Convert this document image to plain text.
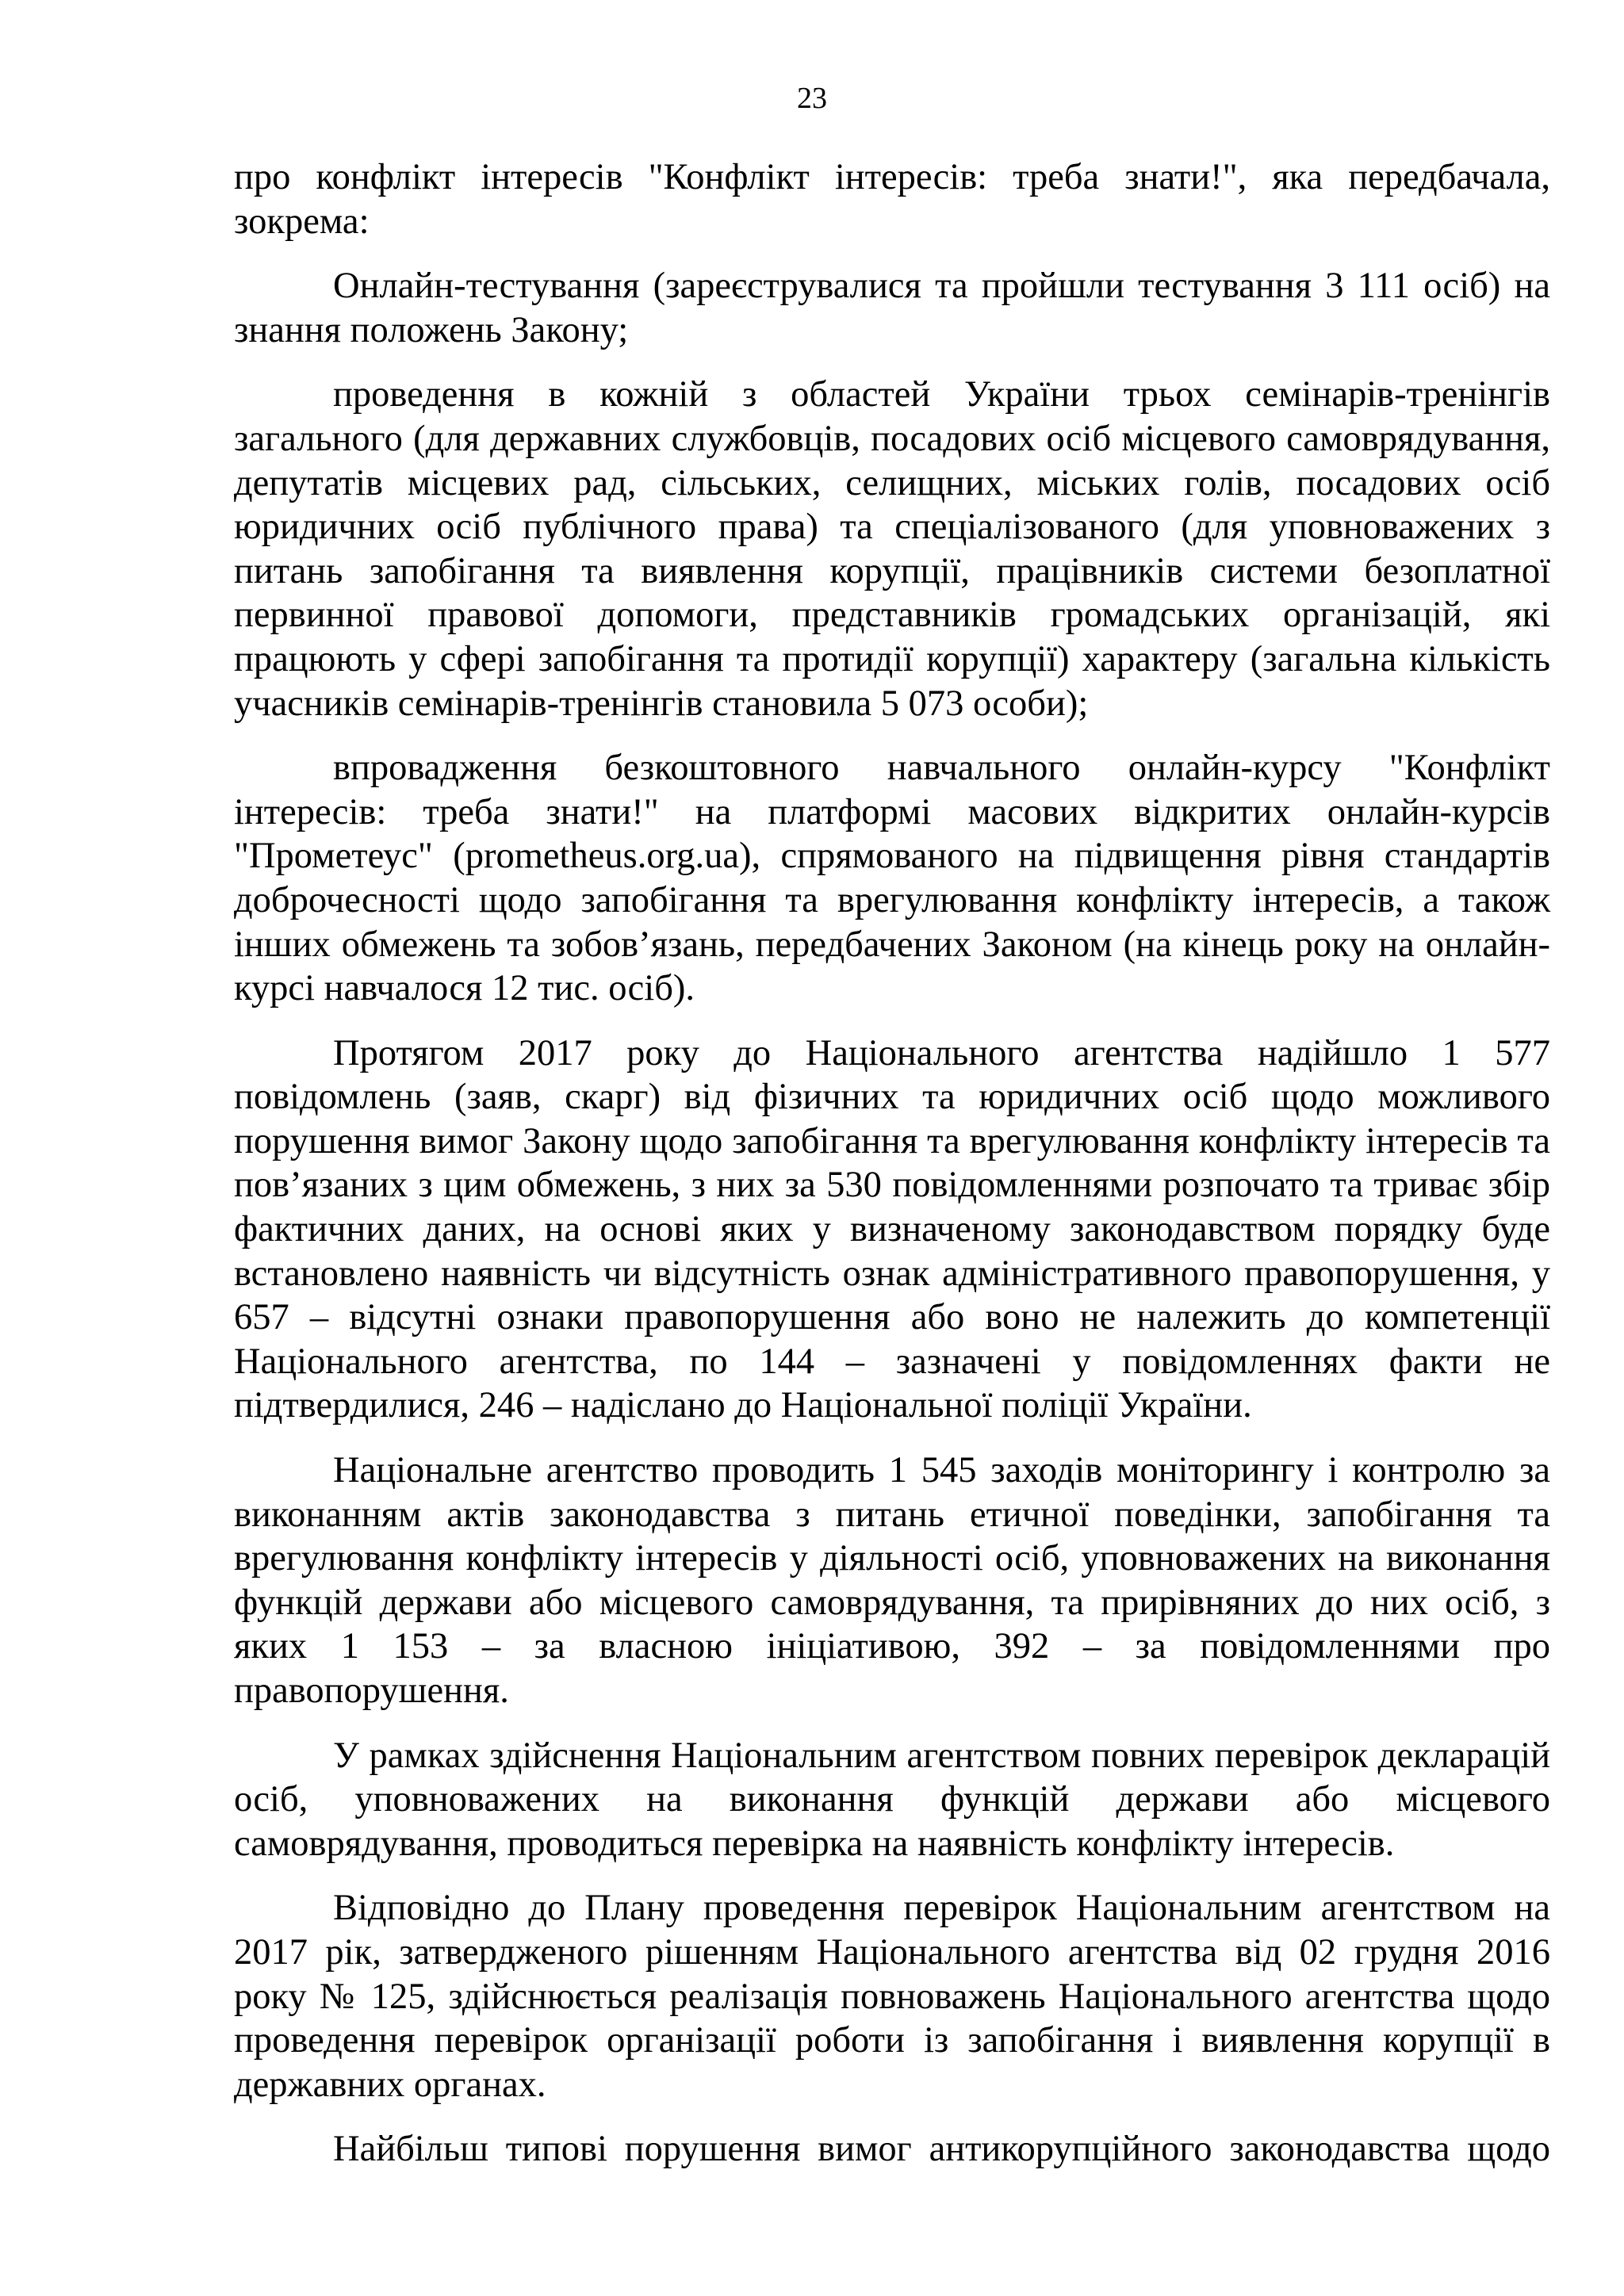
23

про конфлікт інтересів "Конфлікт інтересів: треба знати!", яка передбачала, зокрема:

Онлайн-тестування (зареєструвалися та пройшли тестування 3 111 осіб) на знання положень Закону;

проведення в кожній з областей України трьох семінарів-тренінгів загального (для державних службовців, посадових осіб місцевого самоврядування, депутатів місцевих рад, сільських, селищних, міських голів, посадових осіб юридичних осіб публічного права) та спеціалізованого (для уповноважених з питань запобігання та виявлення корупції, працівників системи безоплатної первинної правової допомоги, представників громадських організацій, які працюють у сфері запобігання та протидії корупції) характеру (загальна кількість учасників семінарів-тренінгів становила 5 073 особи);

впровадження безкоштовного навчального онлайн-курсу "Конфлікт інтересів: треба знати!" на платформі масових відкритих онлайн-курсів "Прометеус" (prometheus.org.ua), спрямованого на підвищення рівня стандартів доброчесності щодо запобігання та врегулювання конфлікту інтересів, а також інших обмежень та зобов’язань, передбачених Законом (на кінець року на онлайн-курсі навчалося 12 тис. осіб).

Протягом 2017 року до Національного агентства надійшло 1 577 повідомлень (заяв, скарг) від фізичних та юридичних осіб щодо можливого порушення вимог Закону щодо запобігання та врегулювання конфлікту інтересів та пов’язаних з цим обмежень, з них за 530 повідомленнями розпочато та триває збір фактичних даних, на основі яких у визначеному законодавством порядку буде встановлено наявність чи відсутність ознак адміністративного правопорушення, у 657 – відсутні ознаки правопорушення або воно не належить до компетенції Національного агентства, по 144 – зазначені у повідомленнях факти не підтвердилися, 246 – надіслано до Національної поліції України.

Національне агентство проводить 1 545 заходів моніторингу і контролю за виконанням актів законодавства з питань етичної поведінки, запобігання та врегулювання конфлікту інтересів у діяльності осіб, уповноважених на виконання функцій держави або місцевого самоврядування, та прирівняних до них осіб, з яких 1 153 – за власною ініціативою, 392 – за повідомленнями про правопорушення.

У рамках здійснення Національним агентством повних перевірок декларацій осіб, уповноважених на виконання функцій держави або місцевого самоврядування, проводиться перевірка на наявність конфлікту інтересів.

Відповідно до Плану проведення перевірок Національним агентством на 2017 рік, затвердженого рішенням Національного агентства від 02 грудня 2016 року № 125, здійснюється реалізація повноважень Національного агентства щодо проведення перевірок організації роботи із запобігання і виявлення корупції в державних органах.

Найбільш типові порушення вимог антикорупційного законодавства щодо
